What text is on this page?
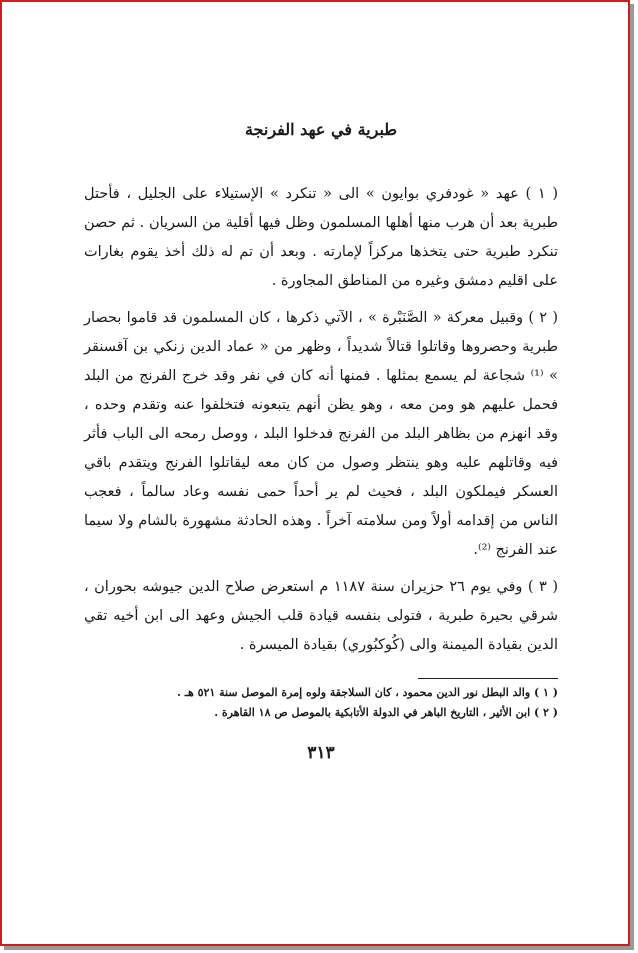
طبرية في عهد الفرنجة

( ١ ) عهد « غودفري بوايون » الى « تنكرد » الإستيلاء على الجليل ، فأحتل طبرية بعد أن هرب منها أهلها المسلمون وظل فيها أقلية من السريان . ثم حصن تنكرد طبرية حتى يتخذها مركزاً لإمارته . وبعد أن تم له ذلك أخذ يقوم بغارات على اقليم دمشق وغيره من المناطق المجاورة .

( ٢ ) وقبيل معركة « الصَّنَبْرة » ، الآتي ذكرها ، كان المسلمون قد قاموا بحصار طبرية وحصروها وقاتلوا قتالاً شديداً ، وظهر من « عماد الدين زنكي بن آقسنقر » ⁽¹⁾ شجاعة لم يسمع بمثلها . فمنها أنه كان في نفر وقد خرج الفرنج من البلد فحمل عليهم هو ومن معه ، وهو يظن أنهم يتبعونه فتخلفوا عنه وتقدم وحده ، وقد انهزم من بظاهر البلد من الفرنج فدخلوا البلد ، ووصل رمحه الى الباب فأثر فيه وقاتلهم عليه وهو ينتظر وصول من كان معه ليقاتلوا الفرنج ويتقدم باقي العسكر فيملكون البلد ، فحيث لم ير أحداً حمى نفسه وعاد سالماً ، فعجب الناس من إقدامه أولاً ومن سلامته آخراً . وهذه الحادثة مشهورة بالشام ولا سيما عند الفرنج ⁽²⁾.

( ٣ ) وفي يوم ٢٦ حزيران سنة ١١٨٧ م استعرض صلاح الدين جيوشه بحوران ، شرقي بحيرة طبرية ، فتولى بنفسه قيادة قلب الجيش وعهد الى ابن أخيه تقي الدين بقيادة الميمنة والى (كُوكبُوري) بقيادة الميسرة .

( ١ ) والد البطل نور الدين محمود ، كان السلاجقة ولوه إمرة الموصل سنة ٥٢١ هـ .
( ٢ ) ابن الأثير ، التاريخ الباهر في الدولة الأتابكية بالموصل ص ١٨ القاهرة .
٣١٣
